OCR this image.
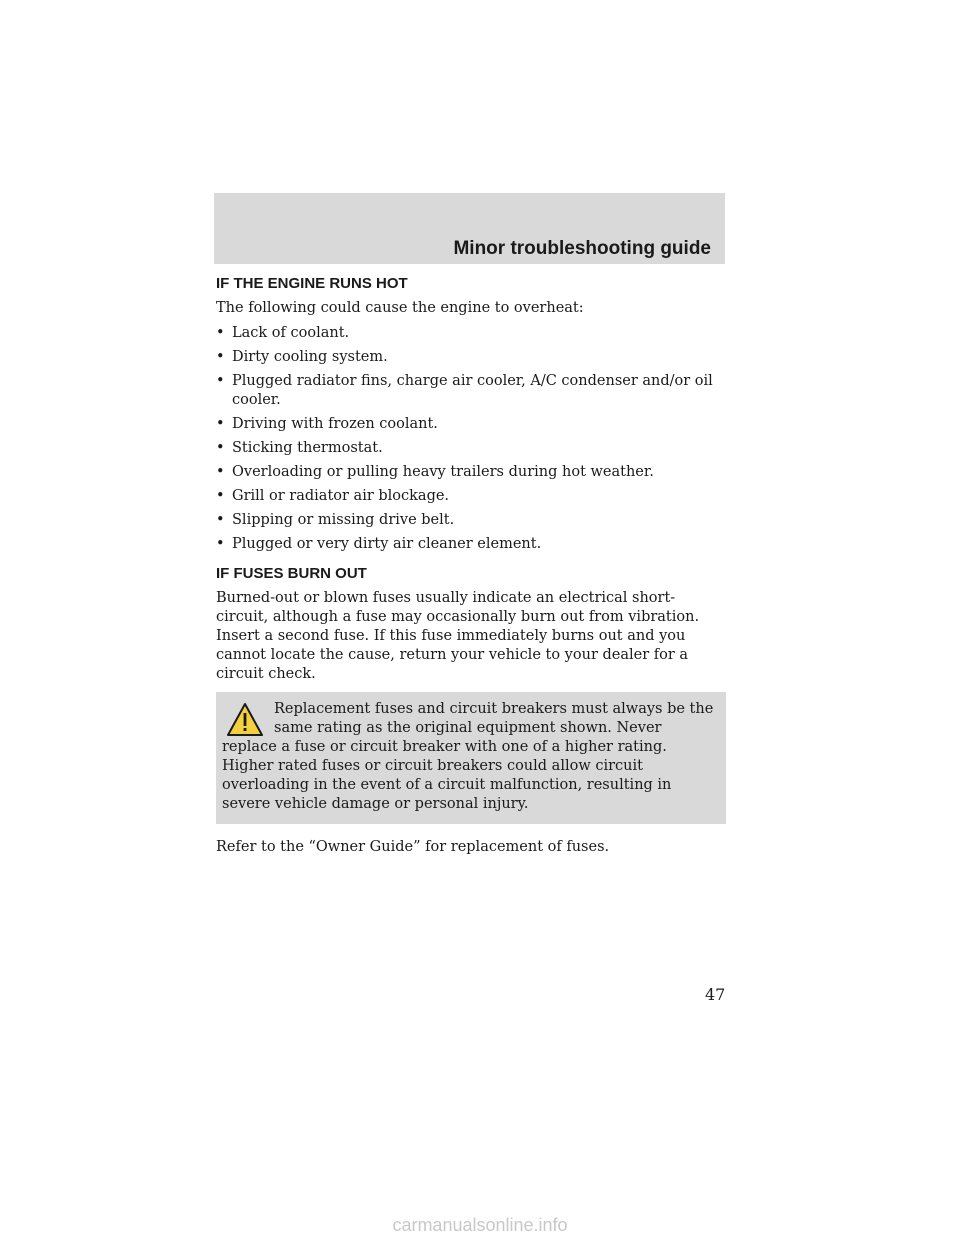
Minor troubleshooting guide
IF THE ENGINE RUNS HOT

The following could cause the engine to overheat:

• Lack of coolant.
• Dirty cooling system.
• Plugged radiator fins, charge air cooler, A/C condenser and/or oil cooler.
• Driving with frozen coolant.
• Sticking thermostat.
• Overloading or pulling heavy trailers during hot weather.
• Grill or radiator air blockage.
• Slipping or missing drive belt.
• Plugged or very dirty air cleaner element.
IF FUSES BURN OUT

Burned-out or blown fuses usually indicate an electrical short-circuit, although a fuse may occasionally burn out from vibration. Insert a second fuse. If this fuse immediately burns out and you cannot locate the cause, return your vehicle to your dealer for a circuit check.

Replacement fuses and circuit breakers must always be the same rating as the original equipment shown. Never replace a fuse or circuit breaker with one of a higher rating. Higher rated fuses or circuit breakers could allow circuit overloading in the event of a circuit malfunction, resulting in severe vehicle damage or personal injury.

Refer to the “Owner Guide” for replacement of fuses.

47
carmanualsonline.info
